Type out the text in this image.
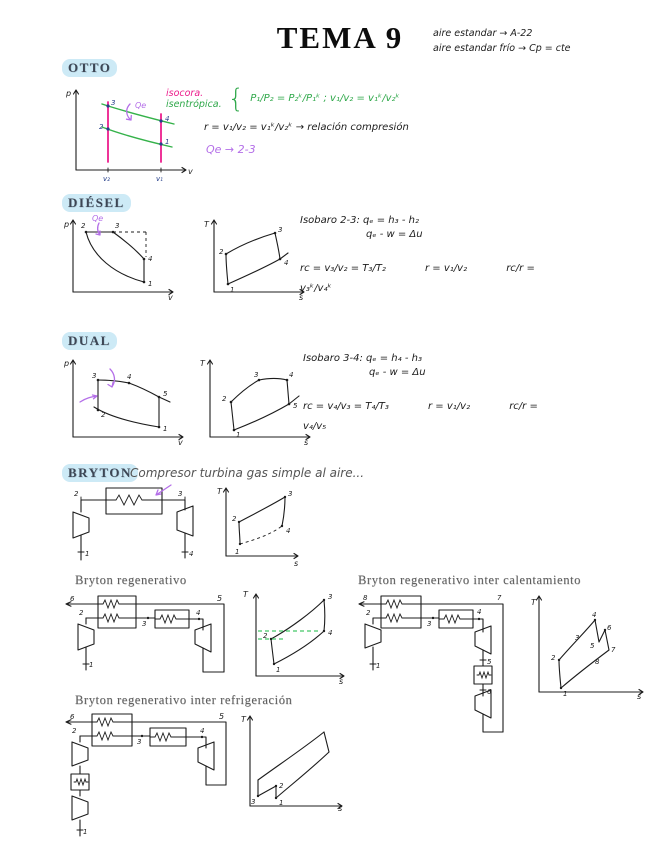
TEMA 9	aire estandar → A-22
aire estandar frío → Cp = cte
OTTO
p
v
v₂	v₁
3
2
4
1
Qe
isocora.
isentrópica. { P₁/P₂ = P₂ᵏ/P₁ᵏ ; v₁/v₂ = v₁ᵏ/v₂ᵏ
r = v₁/v₂ = v₁ᵏ/v₂ᵏ → relación compresión
Qe → 2-3
DIÉSEL
p
v
2	3
4
1
Qe
T
s
2
3
4
1
Isobaro 2-3: qₑ = h₃ - h₂
qₑ - w = Δu
rc = v₃/v₂ = T₃/T₂	r = v₁/v₂	rc/r = v₃ᵏ/v₄ᵏ
DUAL
p
v
3	4
5
2
1
T
s
1
2
3	4
5
Isobaro 3-4: qₑ = h₄ - h₃
qₑ - w = Δu
rc = v₄/v₃ = T₄/T₃	r = v₁/v₂	rc/r = v₄/v₅
BRYTON
Compresor turbina gas simple al aire...
2	3
1	4
T
s
2
3
4
1
Bryton regenerativo
6
2
3
4
5
1
T
s
1
2
3
4
Bryton regenerativo inter calentamiento
8
2
3
4
7
1	5
6
T
s
1
2
3
4
5
6
7
8
Bryton regenerativo inter refrigeración
6
2
3
4
5
1
T
s
3
2
1
